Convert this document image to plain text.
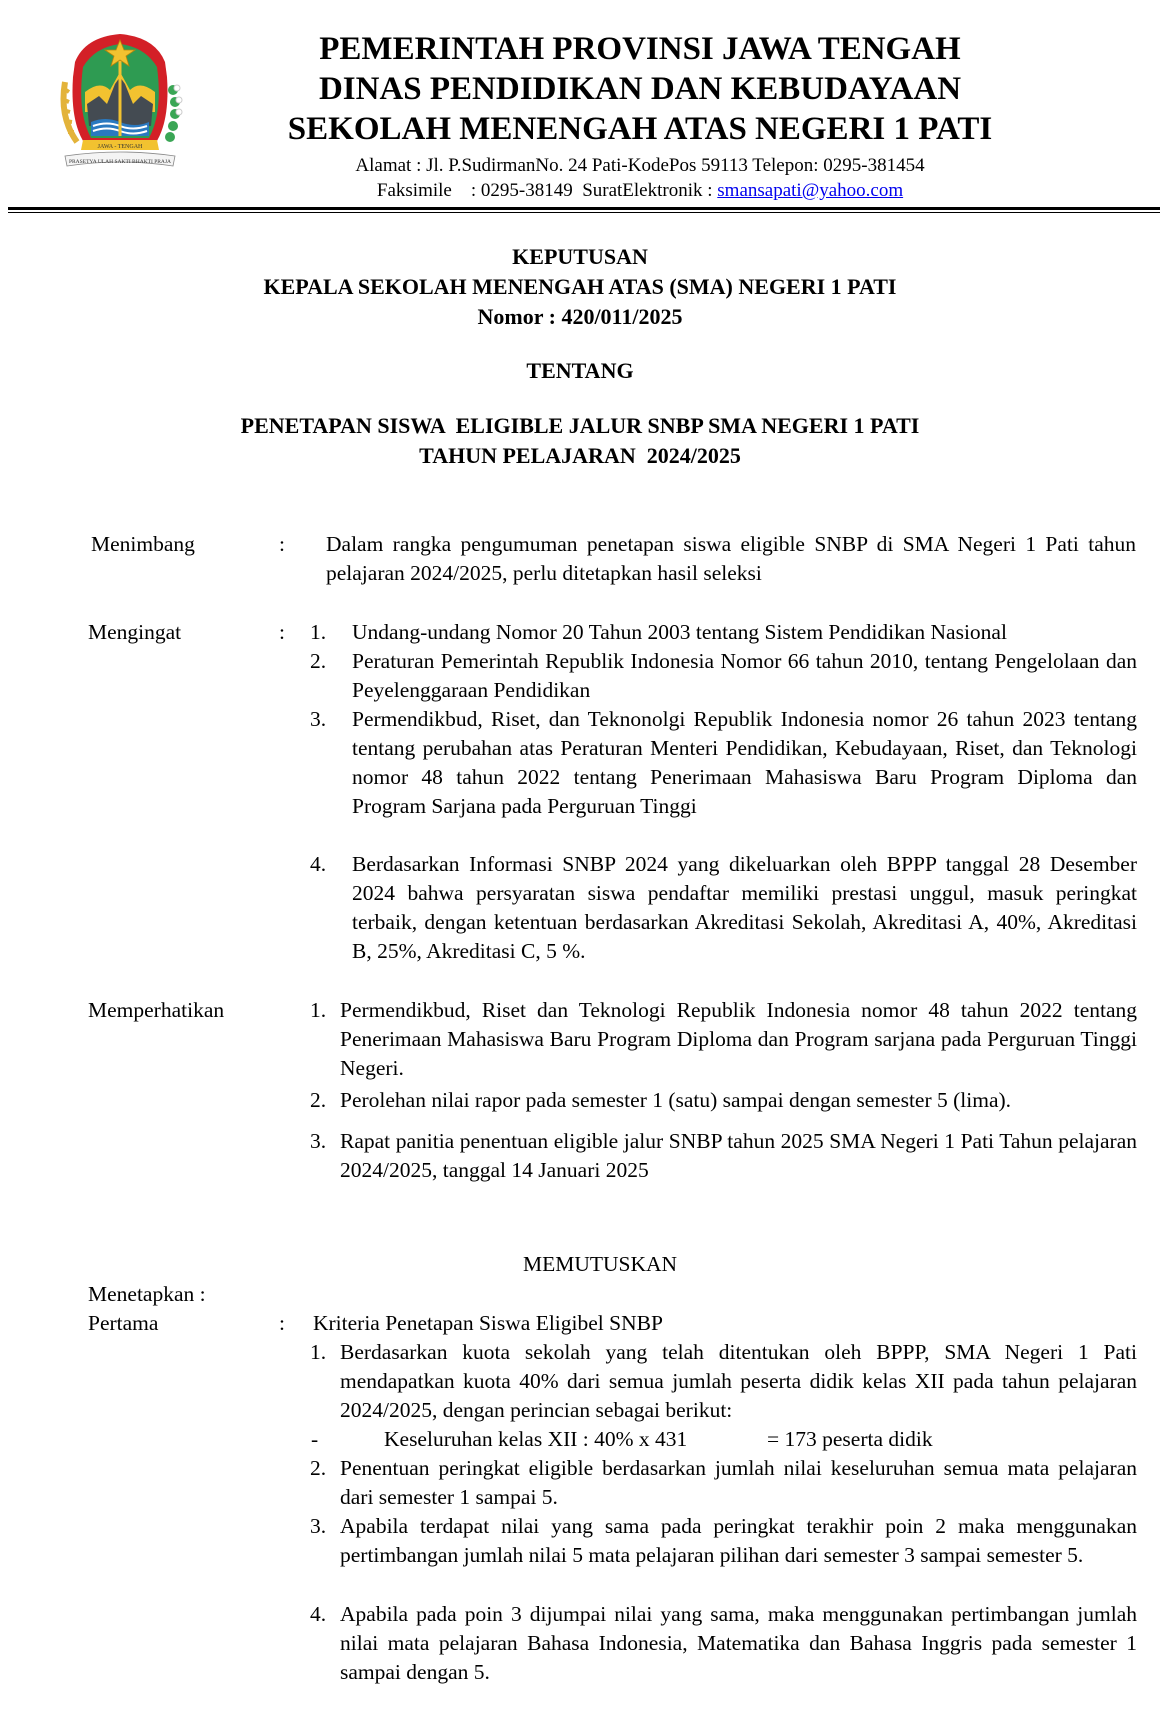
JAWA - TENGAH
PRASETYA ULAH SAKTI BHAKTI PRAJA
PEMERINTAH PROVINSI JAWA TENGAH
DINAS PENDIDIKAN DAN KEBUDAYAAN
SEKOLAH MENENGAH ATAS NEGERI 1 PATI
Alamat : Jl. P.SudirmanNo. 24 Pati-KodePos 59113 Telepon: 0295-381454
Faksimile    : 0295-38149  SuratElektronik : smansapati@yahoo.com
KEPUTUSAN
KEPALA SEKOLAH MENENGAH ATAS (SMA) NEGERI 1 PATI
Nomor : 420/011/2025
TENTANG
PENETAPAN SISWA  ELIGIBLE JALUR SNBP SMA NEGERI 1 PATI
TAHUN PELAJARAN  2024/2025
Menimbang	: Dalam rangka pengumuman penetapan siswa eligible SNBP di SMA Negeri 1 Pati tahun pelajaran 2024/2025, perlu ditetapkan hasil seleksi
Mengingat	: 1.	Undang-undang Nomor 20 Tahun 2003 tentang Sistem Pendidikan Nasional
2.	Peraturan Pemerintah Republik Indonesia Nomor 66 tahun 2010, tentang Pengelolaan dan Peyelenggaraan Pendidikan
3.	Permendikbud, Riset, dan Teknonolgi Republik Indonesia nomor 26 tahun 2023 tentang tentang perubahan atas Peraturan Menteri Pendidikan, Kebudayaan, Riset, dan Teknologi nomor 48 tahun 2022 tentang Penerimaan Mahasiswa Baru Program Diploma dan Program Sarjana pada Perguruan Tinggi
4.	Berdasarkan Informasi SNBP 2024 yang dikeluarkan oleh BPPP tanggal 28 Desember 2024 bahwa persyaratan siswa pendaftar memiliki prestasi unggul, masuk peringkat terbaik, dengan ketentuan berdasarkan Akreditasi Sekolah, Akreditasi A, 40%, Akreditasi B, 25%, Akreditasi C, 5 %.
Memperhatikan	1. Permendikbud, Riset dan Teknologi Republik Indonesia nomor 48 tahun 2022 tentang Penerimaan Mahasiswa Baru Program Diploma dan Program sarjana pada Perguruan Tinggi Negeri.
2. Perolehan nilai rapor pada semester 1 (satu) sampai dengan semester 5 (lima).
3. Rapat panitia penentuan eligible jalur SNBP tahun 2025 SMA Negeri 1 Pati Tahun pelajaran 2024/2025, tanggal 14 Januari 2025
MEMUTUSKAN
Menetapkan :
Pertama	: Kriteria Penetapan Siswa Eligibel SNBP
1. Berdasarkan kuota sekolah yang telah ditentukan oleh BPPP, SMA Negeri 1 Pati mendapatkan kuota 40% dari semua jumlah peserta didik kelas XII pada tahun pelajaran 2024/2025, dengan perincian sebagai berikut:
-	Keseluruhan kelas XII : 40% x 431	= 173 peserta didik
2. Penentuan peringkat eligible berdasarkan jumlah nilai keseluruhan semua mata pelajaran dari semester 1 sampai 5.
3. Apabila terdapat nilai yang sama pada peringkat terakhir poin 2 maka menggunakan pertimbangan jumlah nilai 5 mata pelajaran pilihan dari semester 3 sampai semester 5.
4. Apabila pada poin 3 dijumpai nilai yang sama, maka menggunakan pertimbangan jumlah nilai mata pelajaran Bahasa Indonesia, Matematika dan Bahasa Inggris pada semester 1 sampai dengan 5.
